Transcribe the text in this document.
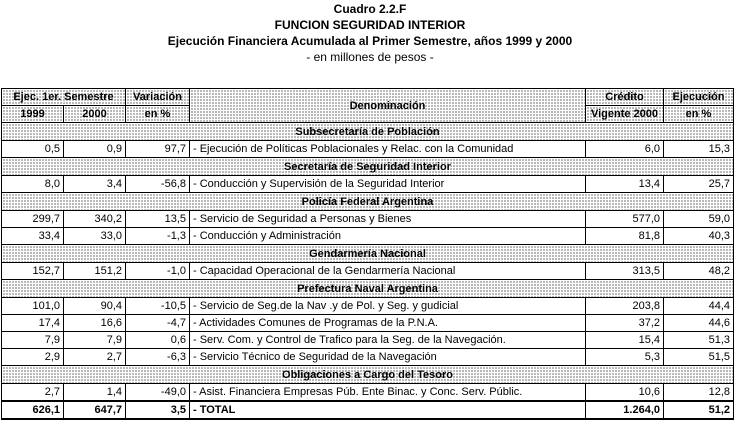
Cuadro 2.2.F
FUNCION SEGURIDAD INTERIOR
Ejecución Financiera Acumulada al Primer Semestre, años 1999 y 2000
- en millones de pesos -
Ejec. 1er. Semestre		Variación	Denominación	Crédito	Ejecución
1999	2000	en %		Vigente 2000	en %
Subsecretaría de Población					
0,5	0,9	97,7	- Ejecución de Políticas Poblacionales y Relac. con la Comunidad	6,0	15,3
Secretaría de Seguridad Interior					
8,0	3,4	-56,8	- Conducción y Supervisión de la Seguridad Interior	13,4	25,7
Policía Federal Argentina					
299,7	340,2	13,5	- Servicio de Seguridad a Personas y Bienes	577,0	59,0
33,4	33,0	-1,3	- Conducción y Administración	81,8	40,3
Gendarmería Nacional					
152,7	151,2	-1,0	- Capacidad Operacional de la Gendarmería Nacional	313,5	48,2
Prefectura Naval Argentina					
101,0	90,4	-10,5	- Servicio de Seg.de la Nav .y de Pol. y Seg. y gudicial	203,8	44,4
17,4	16,6	-4,7	- Actividades Comunes de Programas de la P.N.A.	37,2	44,6
7,9	7,9	0,6	- Serv. Com. y Control de Trafico para la Seg. de la Navegación.	15,4	51,3
2,9	2,7	-6,3	- Servicio Técnico de Seguridad de la Navegación	5,3	51,5
Obligaciones a Cargo del Tesoro					
2,7	1,4	-49,0	- Asist. Financiera Empresas Púb. Ente Binac. y Conc. Serv. Públic.	10,6	12,8
626,1	647,7	3,5	- TOTAL	1.264,0	51,2
